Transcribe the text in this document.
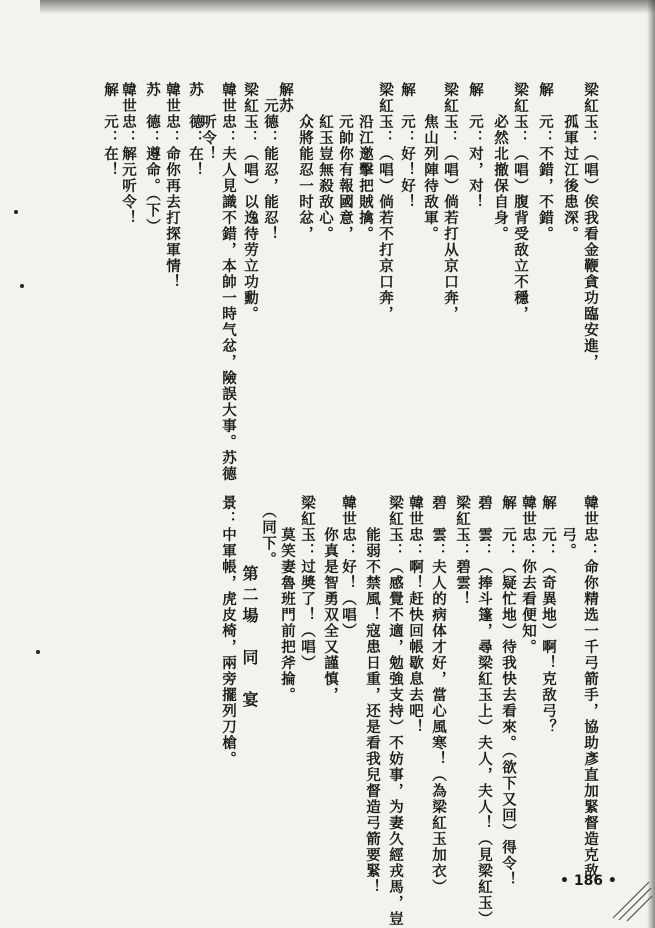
梁紅玉：（唱）俟我看金鞭貪功臨安進，
　　孤軍过江後患深。
解　元：不錯，不錯。
梁紅玉：（唱）腹背受敌立不穩，
　　必然北撤保自身。
解　元：对，对！
梁紅玉：（唱）倘若打从京口奔，
　　焦山列陣待敌軍。
解　元：好！好！
梁紅玉：（唱）倘若不打京口奔，
　　沿江邀擊把賊擒。
　　元帥你有報國意，
　　紅玉豈無殺敌心。
　　众將能忍一时忿，
解苏
　元德：能忍，能忍！
梁紅玉：（唱）以逸待劳立功勳。
韓世忠：夫人見識不錯，本帥一時气忿，險誤大事。苏德
　　听令！
苏　德：在！
韓世忠：命你再去打探軍情！
苏　德：遵命。（下）
韓世忠：解元听令！
解　元：在！
韓世忠：命你精选一千弓箭手，協助彥直加緊督造克敌
　　弓。
解　元：（奇異地）啊！克敌弓？
韓世忠：你去看便知。
解　元：（疑忙地）待我快去看來。（欲下又回）得令！
碧　雲：（捧斗篷，尋梁紅玉上）夫人，夫人！（見梁紅玉）
梁紅玉：碧雲！
碧　雲：夫人的病体才好，當心風寒！（為梁紅玉加衣）
韓世忠：啊！赶快回帳歇息去吧！
梁紅玉：（感覺不適，勉強支持）不妨事，为妻久經戎馬，豈
　　能弱不禁風！寇患日重，还是看我兒督造弓箭要緊！
韓世忠：好！（唱）
　　你真是智勇双全又謹慎，
梁紅玉：过奬了！（唱）
　　莫笑妻魯班門前把斧掄。
　（同下。
第二場　同　宴
景：中軍帳，虎皮椅，兩旁擺列刀槍。
• 186 •
